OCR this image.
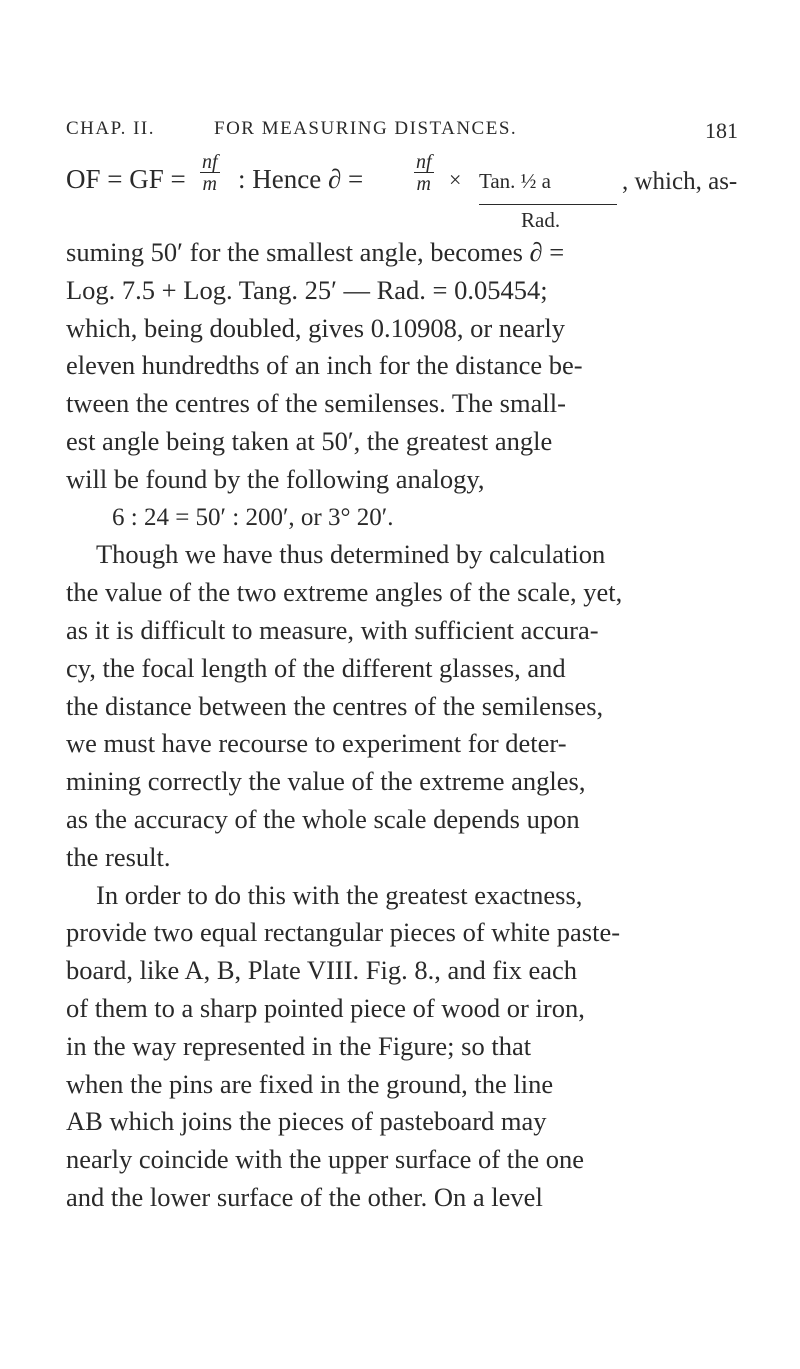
CHAP. II.	FOR MEASURING DISTANCES.	181
OF = GF = $\frac{nf}{m}$ : Hence ∂ =	$\frac{nf}{m}$ × Tan. ½ a
Rad.
, which, as-

suming 50′ for the smallest angle, becomes ∂ =

Log. 7.5 + Log. Tang. 25′ — Rad. = 0.05454;

which, being doubled, gives 0.10908, or nearly

eleven hundredths of an inch for the distance be-

tween the centres of the semilenses. The small-

est angle being taken at 50′, the greatest angle

will be found by the following analogy,

6 : 24 = 50′ : 200′, or 3° 20′.

Though we have thus determined by calculation

the value of the two extreme angles of the scale, yet,

as it is difficult to measure, with sufficient accura-

cy, the focal length of the different glasses, and

the distance between the centres of the semilenses,

we must have recourse to experiment for deter-

mining correctly the value of the extreme angles,

as the accuracy of the whole scale depends upon

the result.

In order to do this with the greatest exactness,

provide two equal rectangular pieces of white paste-

board, like A, B, Plate VIII. Fig. 8., and fix each

of them to a sharp pointed piece of wood or iron,

in the way represented in the Figure; so that

when the pins are fixed in the ground, the line

AB which joins the pieces of pasteboard may

nearly coincide with the upper surface of the one

and the lower surface of the other. On a level
